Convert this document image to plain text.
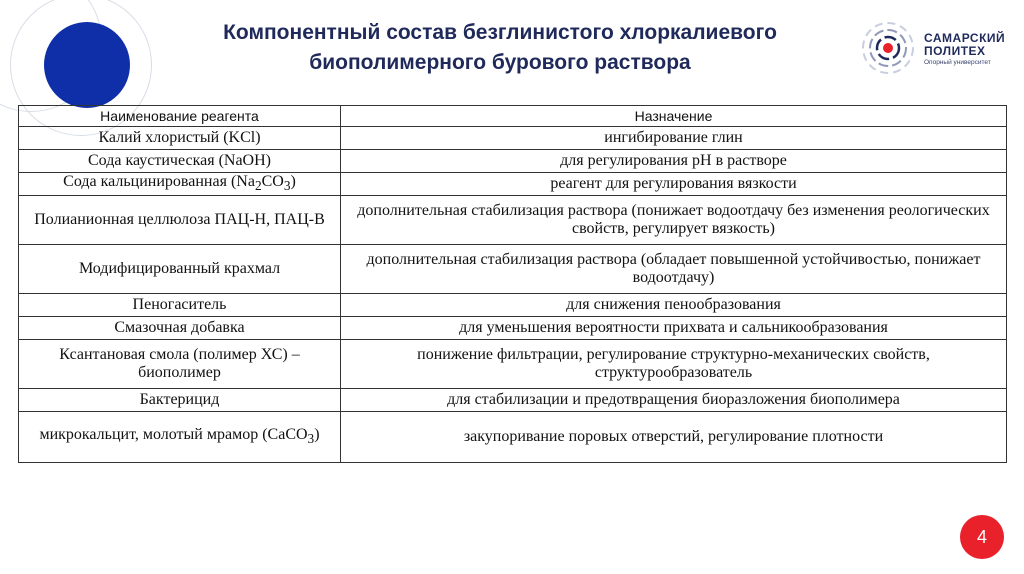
Компонентный состав безглинистого хлоркалиевого
биополимерного бурового раствора
САМАРСКИЙ
ПОЛИТЕХ
Опорный университет
Наименование реагента	Назначение
Калий хлористый (KCl)	ингибирование глин
Сода каустическая (NaOH)	для регулирования pH в растворе
Сода кальцинированная $(Na_2CO_3)$	реагент для регулирования вязкости
Полианионная целлюлоза ПАЦ-Н, ПАЦ-В	дополнительная стабилизация раствора (понижает водоотдачу без изменения реологических свойств, регулирует вязкость)
Модифицированный крахмал	дополнительная стабилизация раствора (обладает повышенной устойчивостью, понижает водоотдачу)
Пеногаситель	для снижения пенообразования
Смазочная добавка	для уменьшения вероятности прихвата и сальникообразования
Ксантановая смола (полимер ХС) – биополимер	понижение фильтрации, регулирование структурно-механических свойств, структурообразователь
Бактерицид	для стабилизации и предотвращения биоразложения биополимера
микрокальцит, молотый мрамор (CaCO$_3$)	закупоривание поровых отверстий, регулирование плотности
4
